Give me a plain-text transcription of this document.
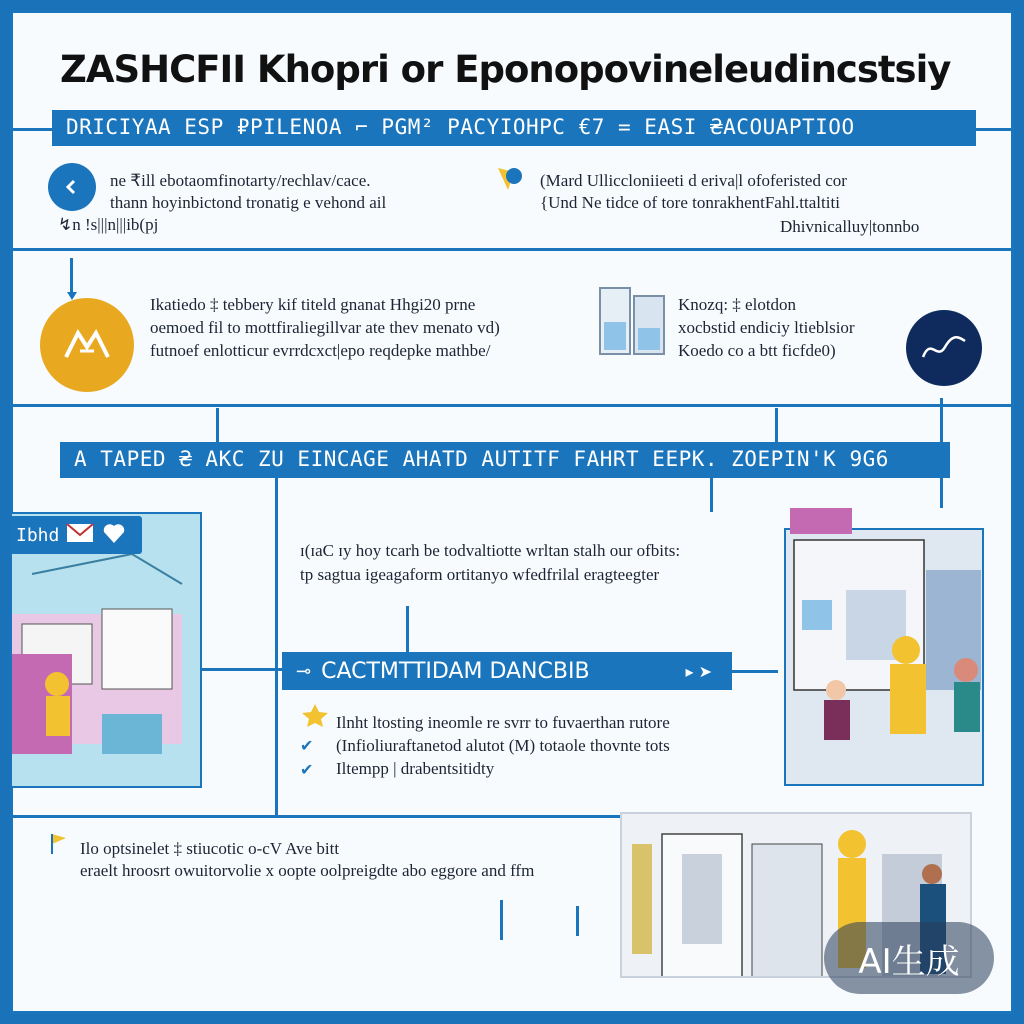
ZASHCFII Khopri or Eponopovineleudincstsiy
DRICIYAA ESP ₽PILENOA ⌐ PGM² PACYIOHPC €7 = EASI ₴ACOUAPTIOO
ne ₹ill ebotaomfinotarty/rechlav/cace.
thann hoyinbictond tronatig e vehond ail
↯n !s|||n|||ib(pj
(Mard Ulliccloniieeti d eriva|l ofoferisted cor
{Und Ne tidce of tore tonrakhentFahl.ttaltiti
Dhivnicalluy|tonnbo
Ikatiedo ‡ tebbery kif titeld gnanat Hhgi20 prne
oemoed fil to mottfiraliegillvar ate thev menato vd)
futnoef enlotticur evrrdcxct|epo reqdepke mathbe/
Knozq: ‡ elotdon
xocbstid endiciy ltieblsior
Koedo co a btt ficfde0)
A TAPED ₴ AKC ZU EINCAGE AHATD AUTITF FAHRT EEPK. ZOEPIN'K 9G6
Ibhd
ɪ(ɪaC ɪy hoy tcarh be todvaltiotte wrltan stalh our ofbits:
tp sagtua igeagaform ortitanyo wfedfrilal eragteegter
⊸ CACTMTTIDAM DANCBIB	▸ ➤
✔
✔
Ilnht ltosting ineomle re svrr to fuvaerthan rutore
(Infioliuraftanetod alutot (M) totaole thovnte tots
Iltempp | drabentsitidty
Ilo optsinelet ‡ stiucotic o-cV Ave bitt
eraelt hroosrt owuitorvolie x oopte oolpreigdte abo eggore and ffm
AI生成
